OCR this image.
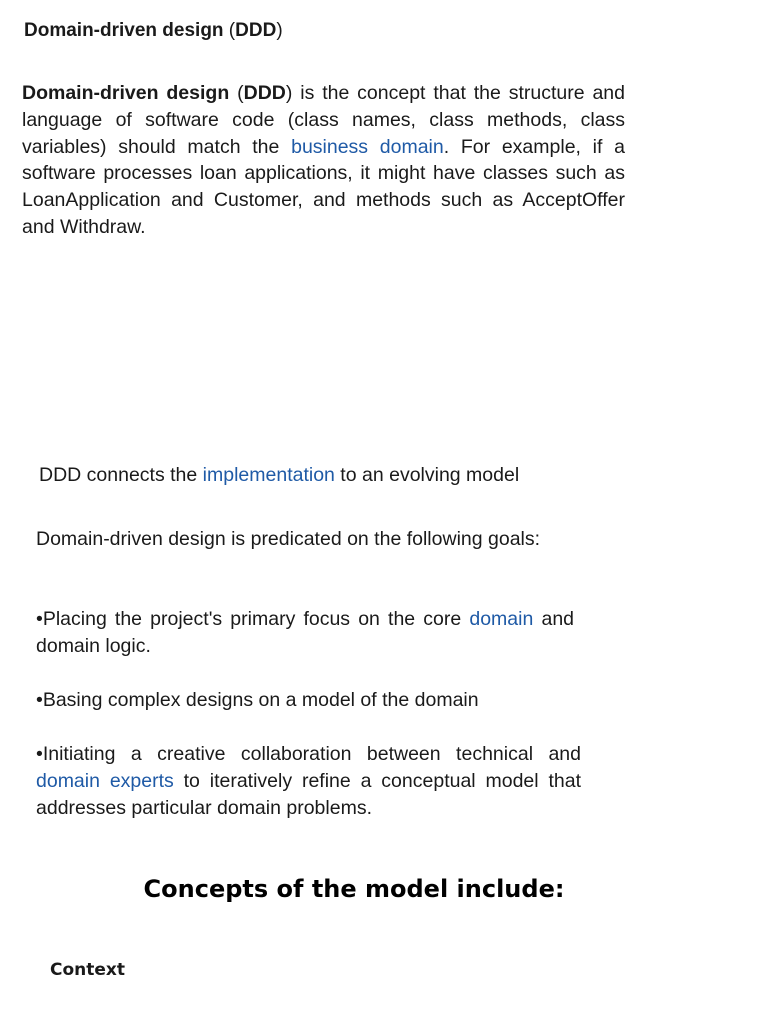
Domain-driven design (DDD)

Domain-driven design (DDD) is the concept that the structure and language of software code (class names, class methods, class variables) should match the business domain. For example, if a software processes loan applications, it might have classes such as LoanApplication and Customer, and methods such as AcceptOffer and Withdraw.

DDD connects the implementation to an evolving model

Domain-driven design is predicated on the following goals:

•Placing the project's primary focus on the core domain and domain logic.

•Basing complex designs on a model of the domain

•Initiating a creative collaboration between technical and domain experts to iteratively refine a conceptual model that addresses particular domain problems.

Concepts of the model include:
Context
